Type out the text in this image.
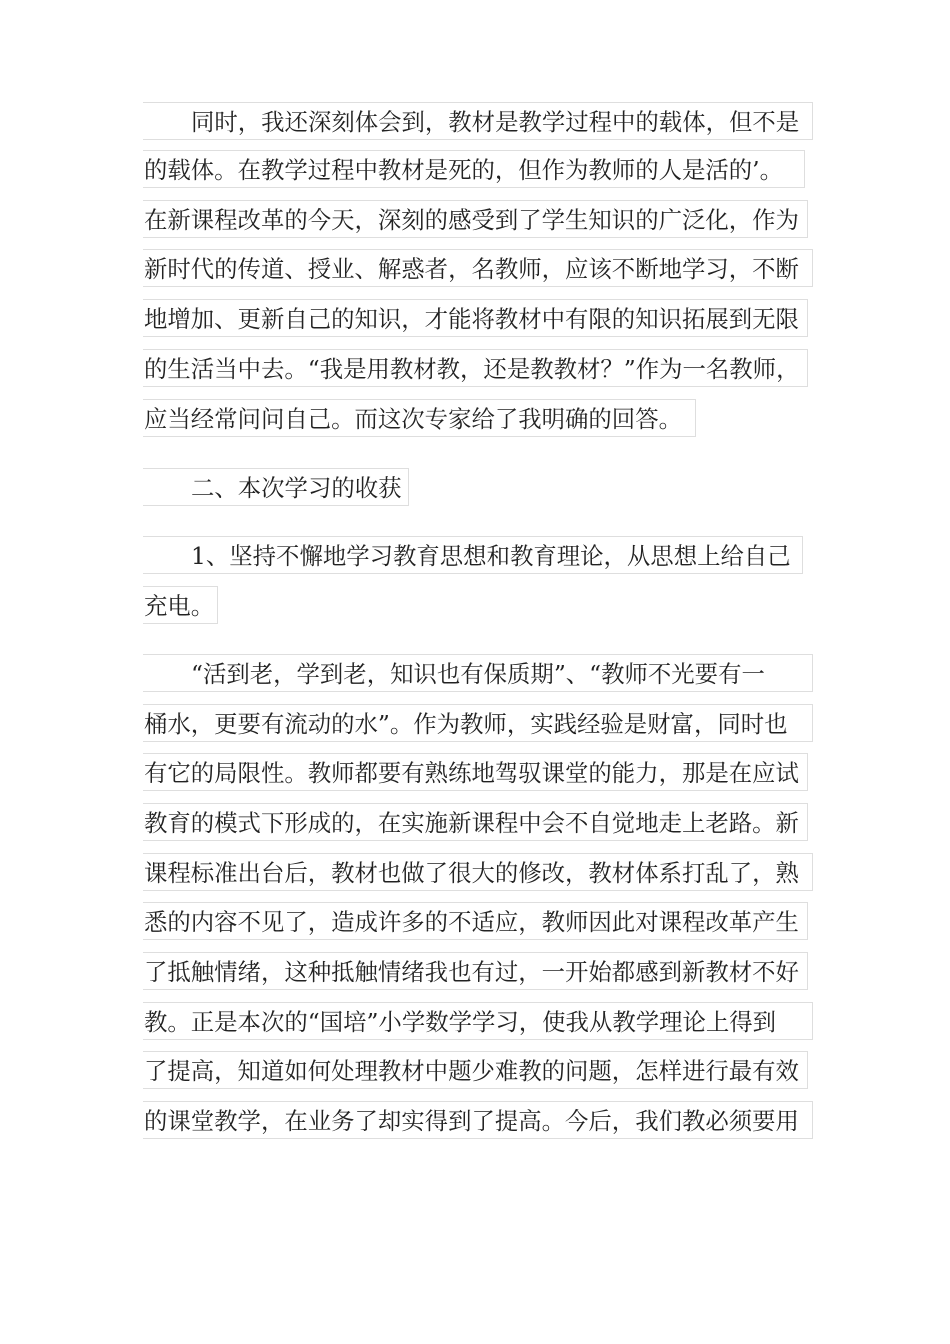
同时，我还深刻体会到，教材是教学过程中的载体，但不是
的载体。在教学过程中教材是死的，但作为教师的人是活的’。
在新课程改革的今天，深刻的感受到了学生知识的广泛化，作为
新时代的传道、授业、解惑者，名教师，应该不断地学习，不断
地增加、更新自己的知识，才能将教材中有限的知识拓展到无限
的生活当中去。“我是用教材教，还是教教材？”作为一名教师，
应当经常问问自己。而这次专家给了我明确的回答。
二、本次学习的收获
1、坚持不懈地学习教育思想和教育理论，从思想上给自己
充电。
“活到老，学到老，知识也有保质期”、“教师不光要有一
桶水，更要有流动的水”。作为教师，实践经验是财富，同时也
有它的局限性。教师都要有熟练地驾驭课堂的能力，那是在应试
教育的模式下形成的，在实施新课程中会不自觉地走上老路。新
课程标准出台后，教材也做了很大的修改，教材体系打乱了，熟
悉的内容不见了，造成许多的不适应，教师因此对课程改革产生
了抵触情绪，这种抵触情绪我也有过，一开始都感到新教材不好
教。正是本次的“国培”小学数学学习，使我从教学理论上得到
了提高，知道如何处理教材中题少难教的问题，怎样进行最有效
的课堂教学，在业务了却实得到了提高。今后，我们教必须要用
